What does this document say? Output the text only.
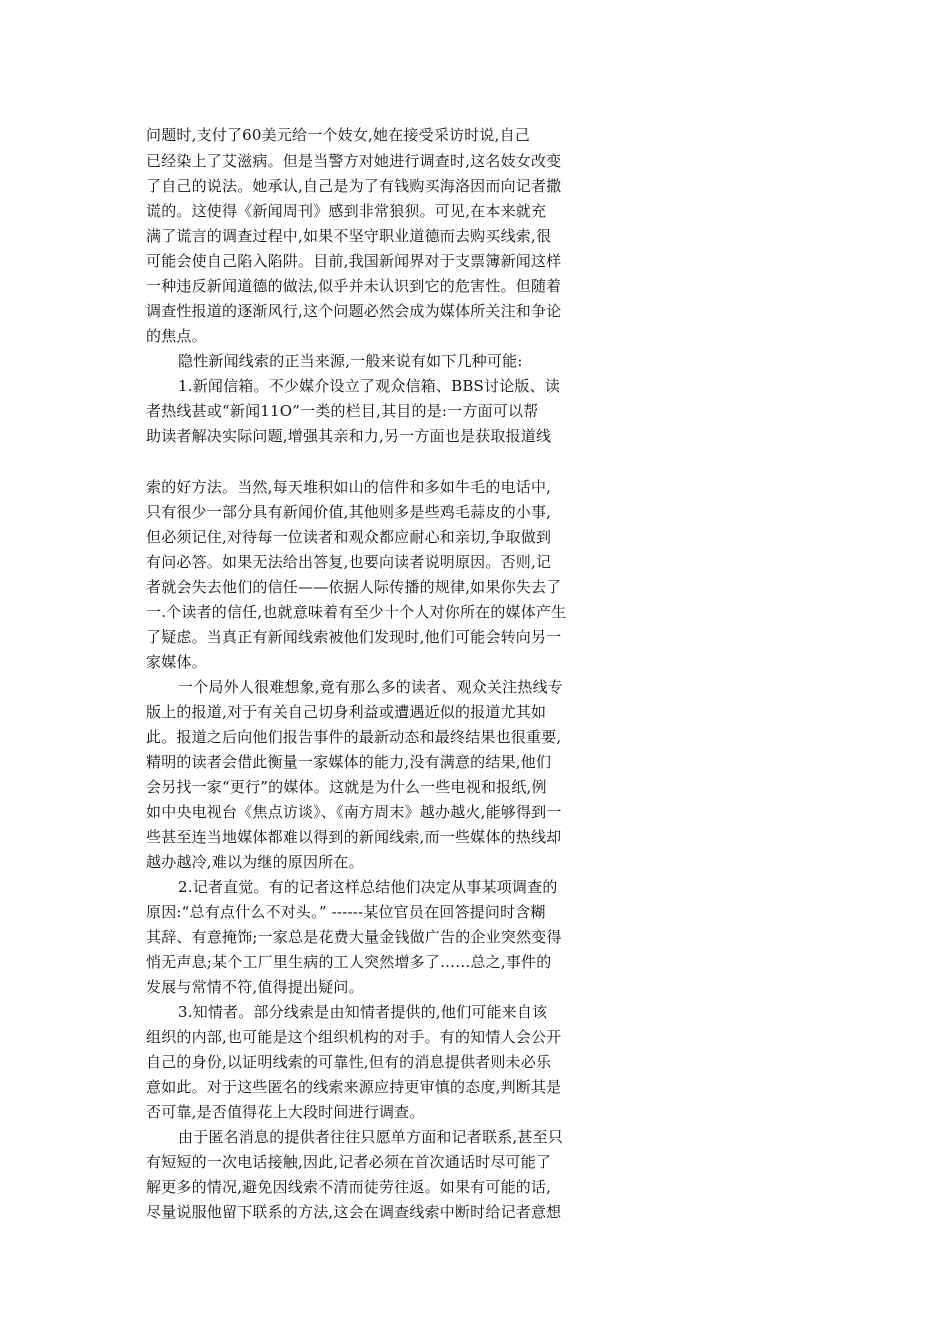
问题时,支付了60美元给一个妓女,她在接受采访时说,自己
已经染上了艾滋病。但是当警方对她进行调查时,这名妓女改变
了自己的说法。她承认,自己是为了有钱购买海洛因而向记者撒
谎的。这使得《新闻周刊》感到非常狼狈。可见,在本来就充
满了谎言的调查过程中,如果不坚守职业道德而去购买线索,很
可能会使自己陷入陷阱。目前,我国新闻界对于支票簿新闻这样
一种违反新闻道德的做法,似乎并未认识到它的危害性。但随着
调查性报道的逐渐风行,这个问题必然会成为媒体所关注和争论
的焦点。
隐性新闻线索的正当来源,一般来说有如下几种可能:
1.新闻信箱。不少媒介设立了观众信箱、BBS讨论版、读
者热线甚或“新闻11O”一类的栏目,其目的是:一方面可以帮
助读者解决实际问题,增强其亲和力,另一方面也是获取报道线
索的好方法。当然,每天堆积如山的信件和多如牛毛的电话中,
只有很少一部分具有新闻价值,其他则多是些鸡毛蒜皮的小事,
但必须记住,对待每一位读者和观众都应耐心和亲切,争取做到
有问必答。如果无法给出答复,也要向读者说明原因。否则,记
者就会失去他们的信任——依据人际传播的规律,如果你失去了
一.个读者的信任,也就意味着有至少十个人对你所在的媒体产生
了疑虑。当真正有新闻线索被他们发现时,他们可能会转向另一
家媒体。
一个局外人很难想象,竟有那么多的读者、观众关注热线专
版上的报道,对于有关自己切身利益或遭遇近似的报道尤其如
此。报道之后向他们报告事件的最新动态和最终结果也很重要,
精明的读者会借此衡量一家媒体的能力,没有满意的结果,他们
会另找一家“更行”的媒体。这就是为什么一些电视和报纸,例
如中央电视台《焦点访谈》、《南方周末》越办越火,能够得到一
些甚至连当地媒体都难以得到的新闻线索,而一些媒体的热线却
越办越冷,难以为继的原因所在。
2.记者直觉。有的记者这样总结他们决定从事某项调查的
原因:“总有点什么不对头。” ------某位官员在回答提问时含糊
其辞、有意掩饰;一家总是花费大量金钱做广告的企业突然变得
悄无声息;某个工厂里生病的工人突然增多了……总之,事件的
发展与常情不符,值得提出疑问。
3.知情者。部分线索是由知情者提供的,他们可能来自该
组织的内部,也可能是这个组织机构的对手。有的知情人会公开
自己的身份,以证明线索的可靠性,但有的消息提供者则未必乐
意如此。对于这些匿名的线索来源应持更审慎的态度,判断其是
否可靠,是否值得花上大段时间进行调查。
由于匿名消息的提供者往往只愿单方面和记者联系,甚至只
有短短的一次电话接触,因此,记者必须在首次通话时尽可能了
解更多的情况,避免因线索不清而徒劳往返。如果有可能的话,
尽量说服他留下联系的方法,这会在调查线索中断时给记者意想
